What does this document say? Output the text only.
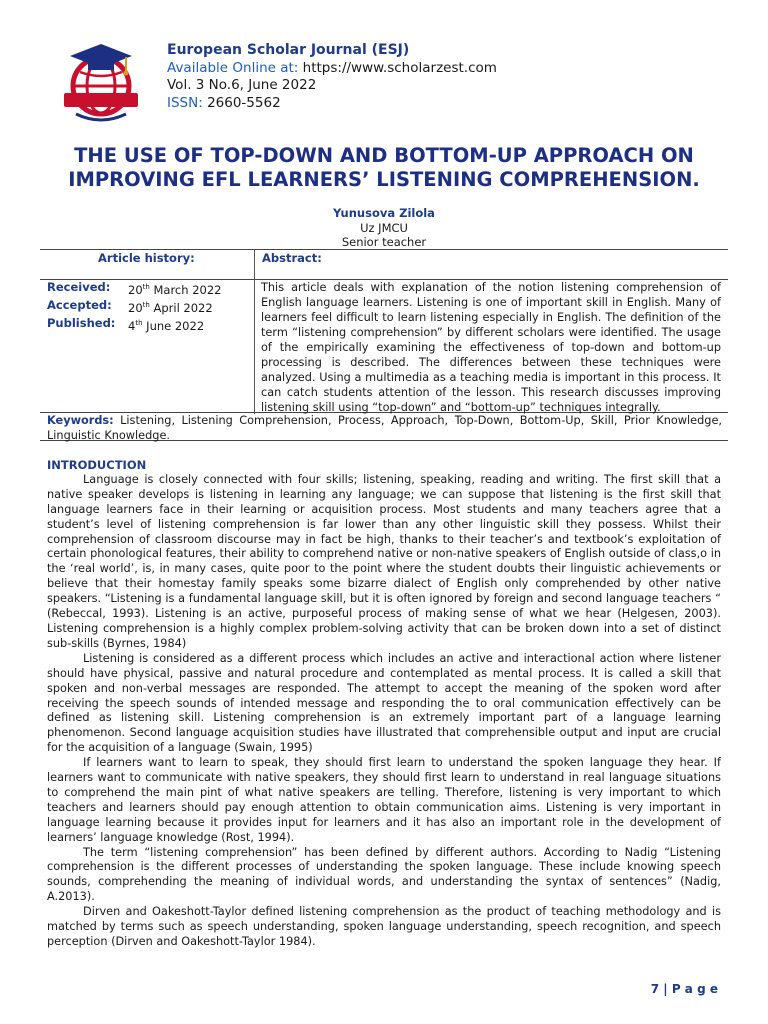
European Scholar Journal (ESJ)
Available Online at: https://www.scholarzest.com
Vol. 3 No.6, June 2022
ISSN: 2660-5562
THE USE OF TOP-DOWN AND BOTTOM-UP APPROACH ON
IMPROVING EFL LEARNERS’ LISTENING COMPREHENSION.
Yunusova Zilola
Uz JMCU
Senior teacher
Article history:	Abstract:
Received:	20th March 2022
Accepted:	20th April 2022
Published:	4th June 2022
This article deals with explanation of the notion listening comprehension of English language learners. Listening is one of important skill in English. Many of learners feel difficult to learn listening especially in English. The definition of the term “listening comprehension” by different scholars were identified. The usage of the empirically examining the effectiveness of top-down and bottom-up processing is described. The differences between these techniques were analyzed. Using a multimedia as a teaching media is important in this process. It can catch students attention of the lesson. This research discusses improving listening skill using “top-down” and “bottom-up” techniques integrally.
Keywords: Listening, Listening Comprehension, Process, Approach, Top-Down, Bottom-Up, Skill, Prior Knowledge, Linguistic Knowledge.
INTRODUCTION

Language is closely connected with four skills; listening, speaking, reading and writing. The first skill that a native speaker develops is listening in learning any language; we can suppose that listening is the first skill that language learners face in their learning or acquisition process. Most students and many teachers agree that a student’s level of listening comprehension is far lower than any other linguistic skill they possess. Whilst their comprehension of classroom discourse may in fact be high, thanks to their teacher’s and textbook’s exploitation of certain phonological features, their ability to comprehend native or non-native speakers of English outside of class,o in the ‘real world’, is, in many cases, quite poor to the point where the student doubts their linguistic achievements or believe that their homestay family speaks some bizarre dialect of English only comprehended by other native speakers. “Listening is a fundamental language skill, but it is often ignored by foreign and second language teachers “ (Rebeccal, 1993). Listening is an active, purposeful process of making sense of what we hear (Helgesen, 2003). Listening comprehension is a highly complex problem-solving activity that can be broken down into a set of distinct sub-skills (Byrnes, 1984)

Listening is considered as a different process which includes an active and interactional action where listener should have physical, passive and natural procedure and contemplated as mental process. It is called a skill that spoken and non-verbal messages are responded. The attempt to accept the meaning of the spoken word after receiving the speech sounds of intended message and responding the to oral communication effectively can be defined as listening skill. Listening comprehension is an extremely important part of a language learning phenomenon. Second language acquisition studies have illustrated that comprehensible output and input are crucial for the acquisition of a language (Swain, 1995)

If learners want to learn to speak, they should first learn to understand the spoken language they hear. If learners want to communicate with native speakers, they should first learn to understand in real language situations to comprehend the main pint of what native speakers are telling. Therefore, listening is very important to which teachers and learners should pay enough attention to obtain communication aims. Listening is very important in language learning because it provides input for learners and it has also an important role in the development of learners’ language knowledge (Rost, 1994).

The term “listening comprehension” has been defined by different authors. According to Nadig “Listening comprehension is the different processes of understanding the spoken language. These include knowing speech sounds, comprehending the meaning of individual words, and understanding the syntax of sentences” (Nadig, A.2013).

Dirven and Oakeshott-Taylor defined listening comprehension as the product of teaching methodology and is matched by terms such as speech understanding, spoken language understanding, speech recognition, and speech perception (Dirven and Oakeshott-Taylor 1984).

7 | P a g e
